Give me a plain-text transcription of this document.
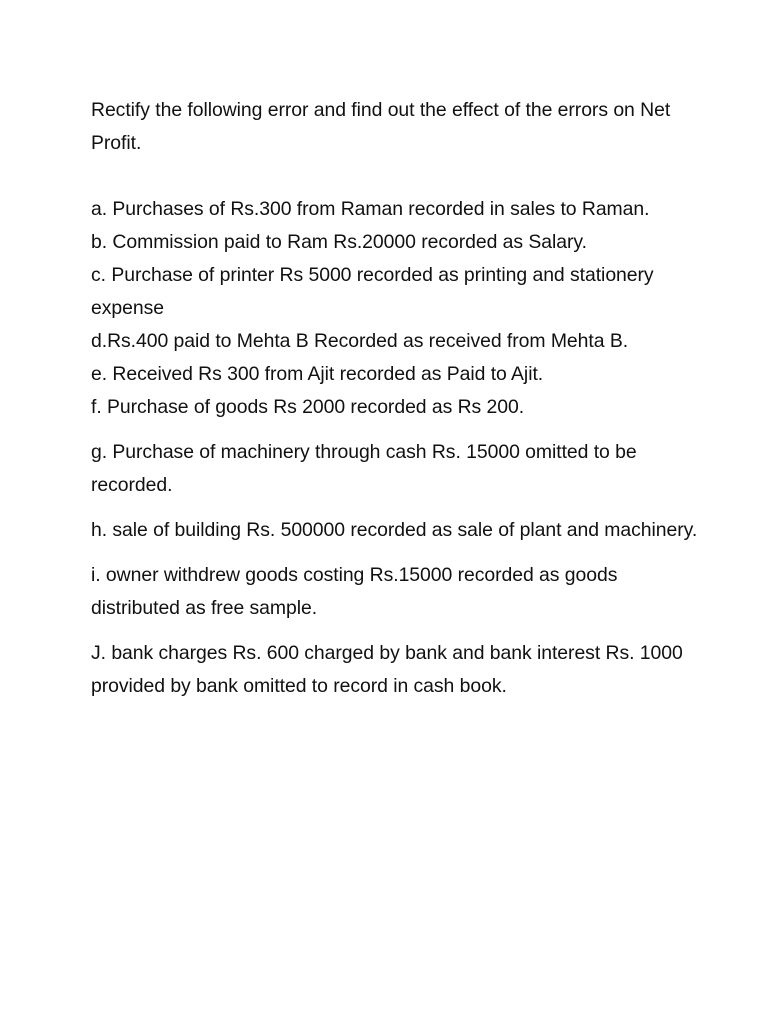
Rectify the following error and find out the effect of the errors on Net Profit.

a. Purchases of Rs.300 from Raman recorded in sales to Raman.

b. Commission paid to Ram Rs.20000 recorded as Salary.

c. Purchase of printer Rs 5000 recorded as printing and stationery expense

d.Rs.400 paid to Mehta B Recorded as received from Mehta B.

e. Received Rs 300 from Ajit recorded as Paid to Ajit.

f. Purchase of goods Rs 2000 recorded as Rs 200.

g. Purchase of machinery through cash Rs. 15000 omitted to be recorded.

h. sale of building Rs. 500000 recorded as sale of plant and machinery.

i. owner withdrew goods costing Rs.15000 recorded as goods distributed as free sample.

J. bank charges Rs. 600 charged by bank and bank interest Rs. 1000 provided by bank omitted to record in cash book.
